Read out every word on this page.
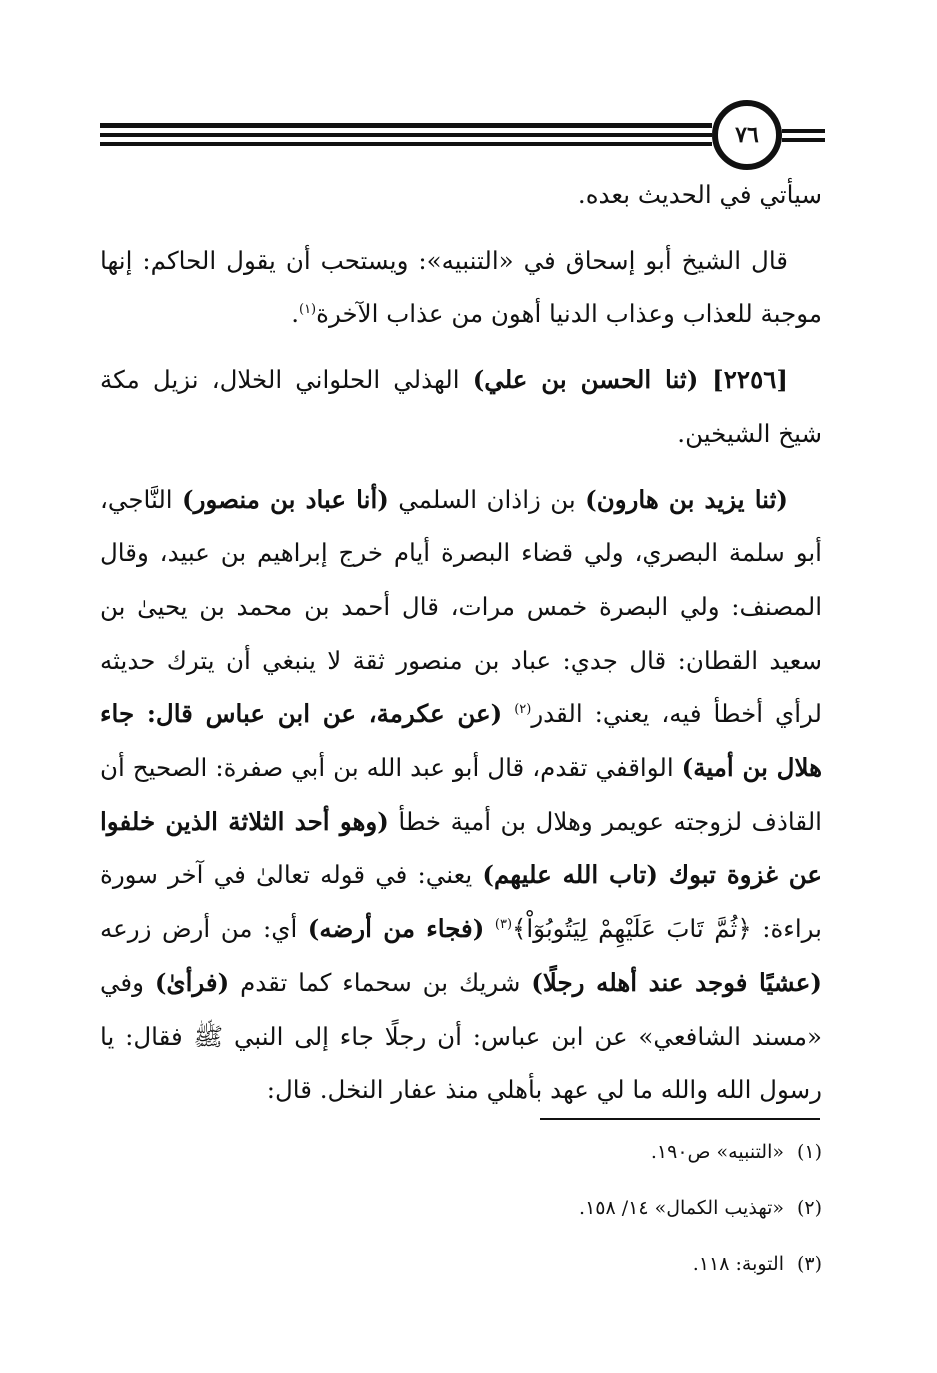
٧٦

سيأتي في الحديث بعده.

قال الشيخ أبو إسحاق في «التنبيه»: ويستحب أن يقول الحاكم: إنها موجبة للعذاب وعذاب الدنيا أهون من عذاب الآخرة$^{(١)}$.

[٢٢٥٦] (ثنا الحسن بن علي) الهذلي الحلواني الخلال، نزيل مكة شيخ الشيخين.

(ثنا يزيد بن هارون) بن زاذان السلمي (أنا عباد بن منصور) النَّاجي، أبو سلمة البصري، ولي قضاء البصرة أيام خرج إبراهيم بن عبيد، وقال المصنف: ولي البصرة خمس مرات، قال أحمد بن محمد بن يحيىٰ بن سعيد القطان: قال جدي: عباد بن منصور ثقة لا ينبغي أن يترك حديثه لرأي أخطأ فيه، يعني: القدر$^{(٢)}$ (عن عكرمة، عن ابن عباس قال: جاء هلال بن أمية) الواقفي تقدم، قال أبو عبد الله بن أبي صفرة: الصحيح أن القاذف لزوجته عويمر وهلال بن أمية خطأ (وهو أحد الثلاثة الذين خلفوا عن غزوة تبوك (تاب الله عليهم) يعني: في قوله تعالىٰ في آخر سورة براءة: ﴿ثُمَّ تَابَ عَلَيْهِمْ لِيَتُوبُوٓاْ﴾$^{(٣)}$ (فجاء من أرضه) أي: من أرض زرعه (عشيًا فوجد عند أهله رجلًا) شريك بن سحماء كما تقدم (فرأىٰ) وفي «مسند الشافعي» عن ابن عباس: أن رجلًا جاء إلى النبي ﷺ فقال: يا رسول الله والله ما لي عهد بأهلي منذ عفار النخل. قال:

(١)«التنبيه» ص١٩٠.
(٢)«تهذيب الكمال» ١٤/ ١٥٨.
(٣)التوبة: ١١٨.
